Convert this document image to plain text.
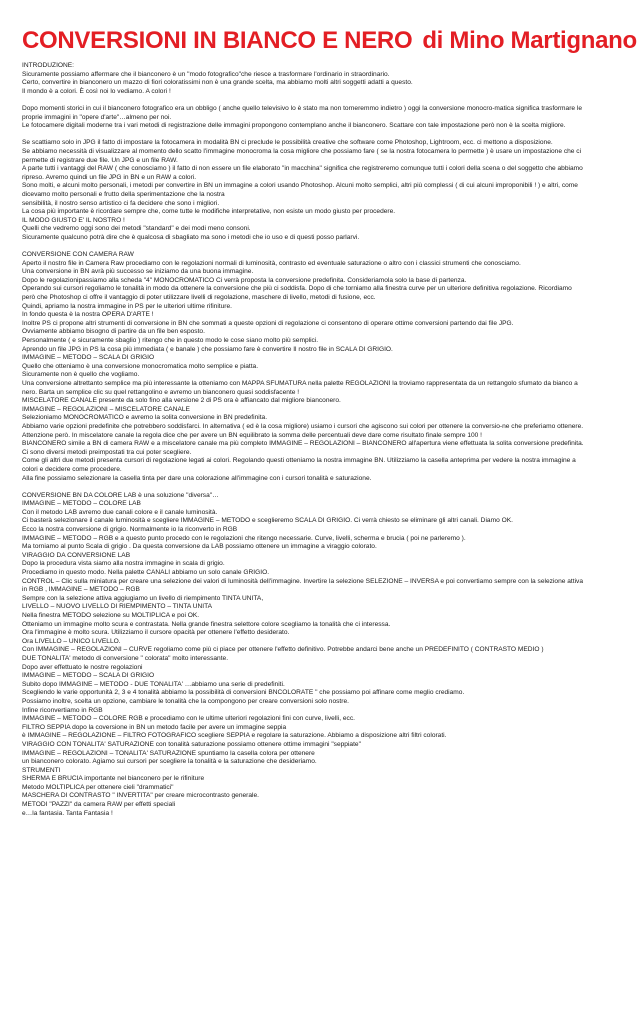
CONVERSIONI IN BIANCO E NERO di Mino Martignano
INTRODUZIONE:
Sicuramente possiamo affermare che il bianconero è un "modo fotografico"che riesce a trasformare l'ordinario in straordinario.
Certo, convertire in bianconero un mazzo di fiori coloratissimi non è una grande scelta, ma abbiamo molti altri soggetti adatti a questo.
Il mondo è a colori. È così noi lo vediamo. A colori !
Dopo momenti storici in cui il bianconero fotografico era un obbligo ( anche quello televisivo lo è stato ma non torneremmo indietro ) oggi la conversione monocro-matica significa trasformare le proprie immagini in "opere d'arte"…almeno per noi.
Le fotocamere digitali moderne tra i vari metodi di registrazione delle immagini propongono contemplano anche il bianconero. Scattare con tale impostazione però non è la scelta migliore.
Se scattiamo solo in JPG il fatto di impostare la fotocamera in modalità BN ci preclude le possibilità creative che software come Photoshop, Lightroom, ecc. ci mettono a disposizione.
Se abbiamo necessità di visualizzare al momento dello scatto l'immagine monocroma la cosa migliore che possiamo fare ( se la nostra fotocamera lo permette ) è usare un impostazione che ci permette di registrare due file. Un JPG e un file RAW.
A parte tutti i vantaggi del RAW ( che conosciamo ) il fatto di non essere un file elaborato "in macchina" significa che registreremo comunque tutti i colori della scena o del soggetto che abbiamo ripreso. Avremo quindi un file JPG in BN e un RAW a colori.
Sono molti, e alcuni molto personali, i metodi per convertire in BN un immagine a colori usando Photoshop. Alcuni molto semplici, altri più complessi ( di cui alcuni improponibili ! ) e altri, come dicevamo molto personali e frutto della sperimentazione che la nostra
sensibilità, il nostro senso artistico ci fa decidere che sono i migliori.
La cosa più importante è ricordare sempre che, come tutte le modifiche interpretative, non esiste un modo giusto per procedere.
IL MODO GIUSTO E' IL NOSTRO !
Quelli che vedremo oggi sono dei metodi "standard" e dei modi meno consoni.
Sicuramente qualcuno potrà dire che è qualcosa di sbagliato ma sono i metodi che io uso e di questi posso parlarvi.
CONVERSIONE CON CAMERA RAW
Aperto il nostro file in Camera Raw procediamo con le regolazioni normali di luminosità, contrasto ed eventuale saturazione o altro con i classici strumenti che conosciamo.
Una conversione in BN avrà più successo se iniziamo da una buona immagine.
Dopo le regolazionipassiamo alla scheda "4" MONOCROMATICO Ci verrà proposta la conversione predefinita. Consideriamola solo la base di partenza.
Operando sui cursori regoliamo le tonalità in modo da ottenere la conversione che più ci soddisfa. Dopo di che torniamo alla finestra curve per un ulteriore definitiva regolazione. Ricordiamo però che Photoshop ci offre il vantaggio di poter utilizzare livelli di regolazione, maschere di livello, metodi di fusione, ecc.
Quindi, apriamo la nostra immagine in PS per le ulteriori ultime rifiniture.
In fondo questa è la nostra OPERA D'ARTE !
Inoltre PS ci propone altri strumenti di conversione in BN che sommati a queste opzioni di regolazione ci consentono di operare ottime conversioni partendo dai file JPG.
Ovviamente abbiamo bisogno di partire da un file ben esposto.
Personalmente ( e sicuramente sbaglio ) ritengo che in questo modo le cose siano molto più semplici.
Aprendo un file JPG in PS la cosa più immediata ( e banale ) che possiamo fare è convertire Il nostro file in SCALA DI GRIGIO.
IMMAGINE – METODO – SCALA DI GRIGIO
Quello che otteniamo è una conversione monocromatica molto semplice e piatta.
Sicuramente non è quello che vogliamo.
Una conversione altrettanto semplice ma più interessante la otteniamo con MAPPA SFUMATURA nella palette REGOLAZIONI la troviamo rappresentata da un rettangolo sfumato da bianco a nero. Barta un semplice clic su quel rettangolino e avremo un bianconero quasi soddisfacente !
MISCELATORE CANALE presente da solo fino alla versione 2 di PS ora è affiancato dal migliore bianconero.
IMMAGINE – REGOLAZIONI – MISCELATORE CANALE
Selezioniamo MONOCROMATICO e avremo la solita conversione in BN predefinita.
Abbiamo varie opzioni predefinite che potrebbero soddisfarci. In alternativa ( ed è la cosa migliore) usiamo i cursori che agiscono sui colori per ottenere la conversio-ne che preferiamo ottenere.
Attenzione però. In miscelatore canale la regola dice che per avere un BN equilibrato la somma delle percentuali deve dare come risultato finale sempre 100 !
BIANCONERO simile a BN di camera RAW e a miscelatore canale ma più completo IMMAGINE – REGOLAZIONI – BIANCONERO all'apertura viene effettuata la solita conversione predefinita. Ci sono diversi metodi preimpostati tra cui poter scegliere.
Come gli altri due metodi presenta cursori di regolazione legati ai colori. Regolando questi otteniamo la nostra immagine BN. Utilizziamo la casella anteprima per vedere la nostra immagine a colori e decidere come procedere.
Alla fine possiamo selezionare la casella tinta per dare una colorazione all'immagine con i cursori tonalità e saturazione.
CONVERSIONE BN DA COLORE LAB è una soluzione "diversa"…
IMMAGINE – METODO – COLORE LAB
Con il metodo LAB avremo due canali colore e il canale luminosità.
Ci basterà selezionare il canale luminosità e scegliere IMMAGINE – METODO e sceglieremo SCALA DI GRIGIO. Ci verrà chiesto se eliminare gli altri canali. Diamo OK.
Ecco la nostra conversione di grigio. Normalmente io la riconverto in RGB
IMMAGINE – METODO – RGB e a questo punto procedo con le regolazioni che ritengo necessarie. Curve, livelli, scherma e brucia ( poi ne parleremo ).
Ma torniamo al punto Scala di grigio . Da questa conversione da LAB possiamo ottenere un immagine a viraggio colorato.
VIRAGGIO DA CONVERSIONE LAB
Dopo la procedura vista siamo alla nostra immagine in scala di grigio.
Procediamo in questo modo. Nella palette CANALI abbiamo un solo canale GRIGIO.
CONTROL – Clic sulla miniatura per creare una selezione dei valori di luminosità dell'immagine. Invertire la selezione SELEZIONE – INVERSA e poi convertiamo sempre con la selezione attiva in RGB , IMMAGINE – METODO – RGB
Sempre con la selezione attiva aggiugiamo un livello di riempimento TINTA UNITA,
LIVELLO – NUOVO LIVELLO DI RIEMPIMENTO – TINTA UNITA
Nella finestra METODO selezione su MOLTIPLICA e poi OK.
Otteniamo un immagine molto scura e contrastata. Nella grande finestra selettore colore scegliamo la tonalità che ci interessa.
Ora l'immagine è molto scura. Utilizziamo il cursore opacità per ottenere l'effetto desiderato.
Ora LIVELLO – UNICO LIVELLO.
Con IMMAGINE – REGOLAZIONI – CURVE regoliamo come più ci piace per ottenere l'effetto definitivo. Potrebbe andarci bene anche un PREDEFINITO ( CONTRASTO MEDIO )
DUE TONALITA' metodo di conversione " colorata" molto interessante.
Dopo aver effettuato le nostre regolazioni
IMMAGINE – METODO – SCALA DI GRIGIO
Subito dopo IMMAGINE – METODO - DUE TONALITA' …abbiamo una serie di predefiniti.
Scegliendo le varie opportunità 2, 3 e 4 tonalità abbiamo la possibilità di conversioni BNCOLORATE " che possiamo poi affinare come meglio crediamo.
Possiamo inoltre, scelta un opzione, cambiare le tonalità che la compongono per creare conversioni solo nostre.
Infine riconvertiamo in RGB
IMMAGINE – METODO – COLORE RGB e procediamo con le ultime ulteriori regolazioni fini con curve, livelli, ecc.
FILTRO SEPPIA dopo la coversione in BN un metodo facile per avere un immagine seppia
è IMMAGINE – REGOLAZIONE – FILTRO FOTOGRAFICO scegliere SEPPIA e regolare la saturazione. Abbiamo a disposizione altri filtri colorati.
VIRAGGIO CON TONALITA' SATURAZIONE con tonalità saturazione possiamo ottenere ottime immagini "seppiate"
IMMAGINE – REGOLAZIONI – TONALITA' SATURAZIONE spuntiamo la casella colora per ottenere
un bianconero colorato. Agiamo sui cursori per scegliere la tonalità e la saturazione che desideriamo.
STRUMENTI
SHERMA E BRUCIA importante nel bianconero per le rifiniture
Metodo MOLTIPLICA per ottenere cieli "drammatici"
MASCHERA DI CONTRASTO " INVERTITA" per creare microcontrasto generale.
METODI "PAZZI" da camera RAW per effetti speciali
e…la fantasia. Tanta Fantasia !
